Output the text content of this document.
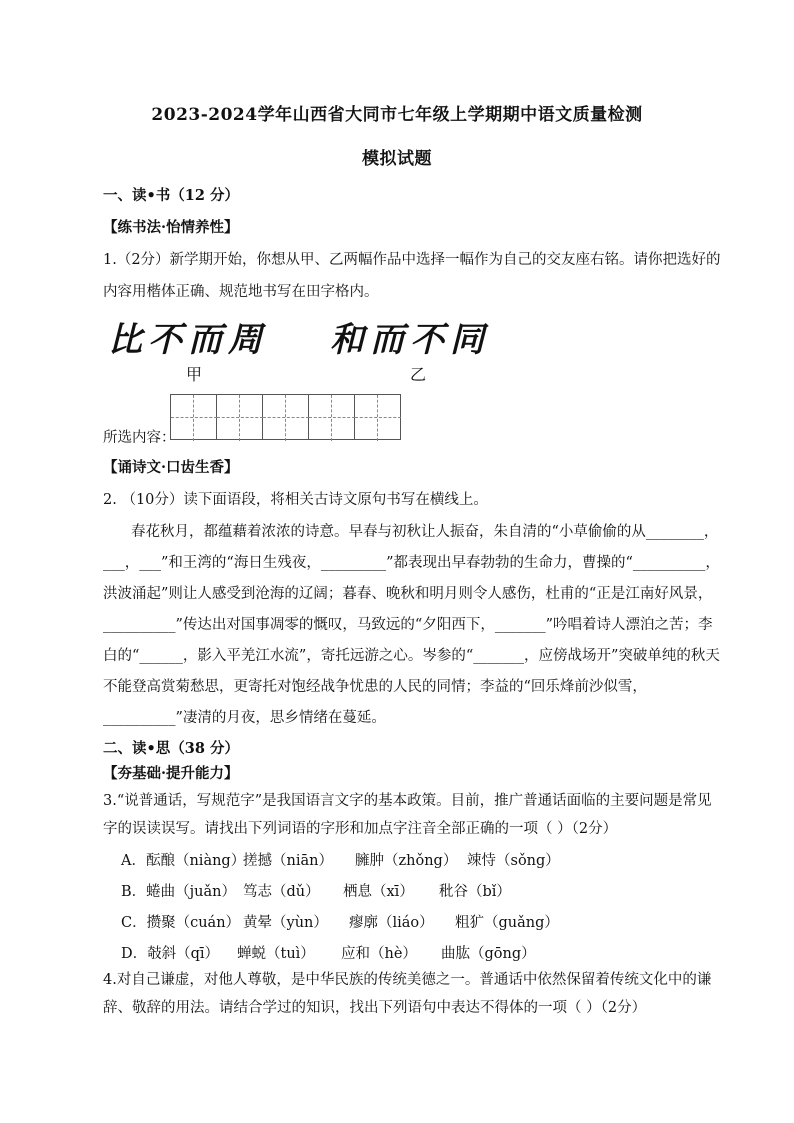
2023-2024学年山西省大同市七年级上学期期中语文质量检测
模拟试题
一、读•书（12 分）
【练书法·怡情养性】
1.（2分）新学期开始，你想从甲、乙两幅作品中选择一幅作为自己的交友座右铭。请你把选好的
内容用楷体正确、规范地书写在田字格内。
比不而周 和而不同
甲	乙
所选内容：
【诵诗文·口齿生香】
2. （10分）读下面语段，将相关古诗文原句书写在横线上。
春花秋月，都蕴藉着浓浓的诗意。早春与初秋让人振奋，朱自清的“小草偷偷的从________，
___，___”和王湾的“海日生残夜，_________”都表现出早春勃勃的生命力，曹操的“__________，
洪波涌起”则让人感受到沧海的辽阔；暮春、晚秋和明月则令人感伤，杜甫的“正是江南好风景，
__________”传达出对国事凋零的慨叹，马致远的“夕阳西下，_______”吟唱着诗人漂泊之苦；李
白的“______，影入平羌江水流”，寄托远游之心。岑参的“_______，应傍战场开”突破单纯的秋天
不能登高赏菊愁思，更寄托对饱经战争忧患的人民的同情；李益的“回乐烽前沙似雪，
__________”凄清的月夜，思乡情绪在蔓延。
二、读•思（38 分）
【夯基础·提升能力】
3.“说普通话，写规范字”是我国语言文字的基本政策。目前，推广普通话面临的主要问题是常见
字的误读误写。请找出下列词语的字形和加点字注音全部正确的一项（ ）（2分）
A．酝酿（niàng）搓撼（niān） 臃肿（zhǒng） 竦恃（sǒng）
B．蜷曲（juǎn） 笃志（dǔ） 栖息（xī） 秕谷（bǐ）
C．攒聚（cuán） 黄晕（yùn） 瘳廓（liáo） 粗犷（guǎng）
D．攲斜（qī） 蝉蜕（tuì） 应和（hè） 曲肱（gōng）
4.对自己谦虚，对他人尊敬，是中华民族的传统美德之一。普通话中依然保留着传统文化中的谦
辞、敬辞的用法。请结合学过的知识，找出下列语句中表达不得体的一项（ ）（2分）
